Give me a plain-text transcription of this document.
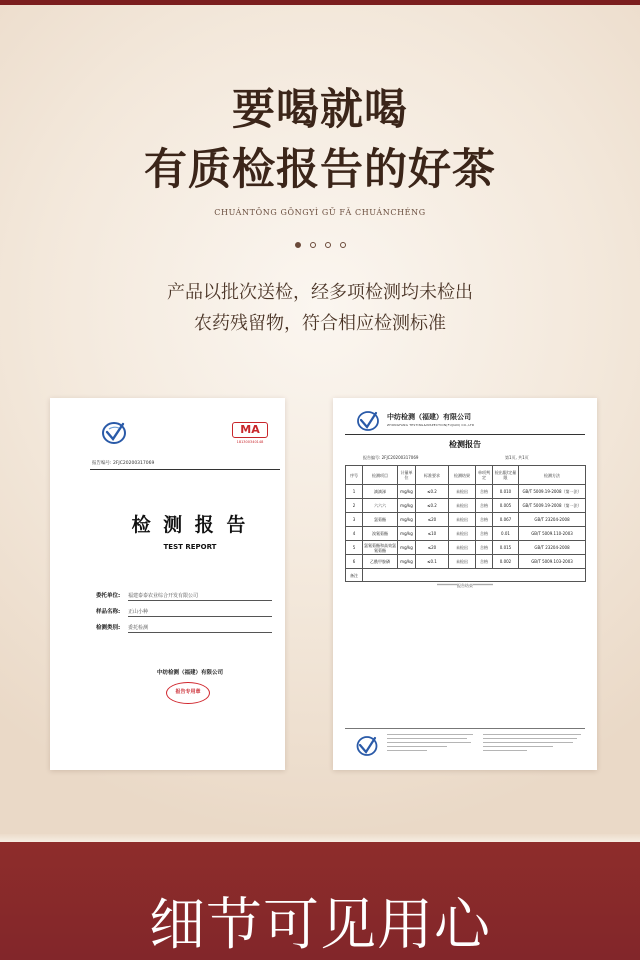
要喝就喝
有质检报告的好茶
CHUÁNTǑNG GŌNGYÌ GǓ FǍ CHUÁNCHÉNG
产品以批次送检，经多项检测均未检出
农药残留物，符合相应检测标准
MA
181300340148
报告编号: 2FJC20200317069
检 测 报 告
TEST REPORT
委托单位: 福建泰泰农业综合开发有限公司
样品名称: 正山小种
检测类别: 委托检测
中纺检测（福建）有限公司
报告专用章
中纺检测（福建）有限公司
ZHONGFANG TESTING&INSPECTION(FUJIAN) CO.,LTD
检测报告
报告编号: 2FJC20200317069	第1页, 共1页
序号	检测项目	计量单位	标准要求	检测结果	单项判定	检出限/定量限	检测方法
1	滴滴涕	mg/kg	≤0.2	未检出	合格	0.010	GB/T 5009.19-2008（第一法）
2	六六六	mg/kg	≤0.2	未检出	合格	0.005	GB/T 5009.19-2008（第一法）
3	氯菊酯	mg/kg	≤20	未检出	合格	0.067	GB/T 23204-2008
4	溴氰菊酯	mg/kg	≤10	未检出	合格	0.01	GB/T 5009.110-2003
5	氯氰菊酯和高效氯氰菊酯	mg/kg	≤20	未检出	合格	0.015	GB/T 23204-2008
6	乙酰甲胺磷	mg/kg	≤0.1	未检出	合格	0.002	GB/T 5009.103-2003
备注							
**********报告结束**********
细节可见用心
